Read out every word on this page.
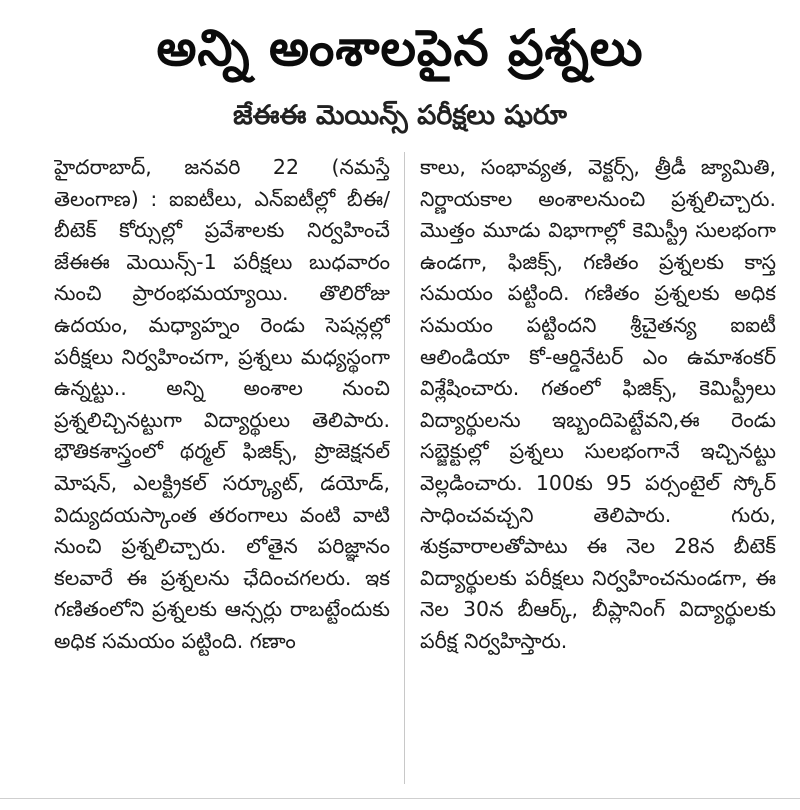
అన్ని అంశాలపైన ప్రశ్నలు
జేఈఈ మెయిన్స్ పరీక్షలు షురూ

హైదరాబాద్, జనవరి 22 (నమస్తే తెలంగాణ) : ఐఐటీలు, ఎన్ఐటీల్లో బీఈ/బీటెక్ కోర్సుల్లో ప్రవేశాలకు నిర్వహించే జేఈఈ మెయిన్స్-1 పరీక్షలు బుధవారం నుంచి ప్రారంభమయ్యాయి. తొలిరోజు ఉదయం, మధ్యాహ్నం రెండు సెషన్లల్లో పరీక్షలు నిర్వహించగా, ప్రశ్నలు మధ్యస్థంగా ఉన్నట్టు.. అన్ని అంశాల నుంచి ప్రశ్నలిచ్చినట్టుగా విద్యార్థులు తెలిపారు. భౌతికశాస్త్రంలో థర్మల్ ఫిజిక్స్, ప్రొజెక్షనల్ మోషన్, ఎలక్ట్రికల్ సర్క్యూట్, డయోడ్, విద్యుదయస్కాంత తరంగాలు వంటి వాటి నుంచి ప్రశ్నలిచ్చారు. లోతైన పరిజ్ఞానం కలవారే ఈ ప్రశ్నలను ఛేదించగలరు. ఇక గణితంలోని ప్రశ్నలకు ఆన్సర్లు రాబట్టేందుకు అధిక సమయం పట్టింది. గణాం

కాలు, సంభావ్యత, వెక్టర్స్, త్రీడీ జ్యామితి, నిర్ణాయకాల అంశాలనుంచి ప్రశ్నలిచ్చారు. మొత్తం మూడు విభాగాల్లో కెమిస్ట్రీ సులభంగా ఉండగా, ఫిజిక్స్, గణితం ప్రశ్నలకు కాస్త సమయం పట్టింది. గణితం ప్రశ్నలకు అధిక సమయం పట్టిందని శ్రీచైతన్య ఐఐటీ ఆలిండియా కో-ఆర్డినేటర్ ఎం ఉమాశంకర్ విశ్లేషించారు. గతంలో ఫిజిక్స్, కెమిస్ట్రీలు విద్యార్థులను ఇబ్బందిపెట్టేవని,ఈ రెండు సబ్జెక్టుల్లో ప్రశ్నలు సులభంగానే ఇచ్చినట్టు వెల్లడించారు. 100కు 95 పర్సంటైల్ స్కోర్ సాధించవచ్చని తెలిపారు. గురు, శుక్రవారాలతోపాటు ఈ నెల 28న బీటెక్ విద్యార్థులకు పరీక్షలు నిర్వహించనుండగా, ఈ నెల 30న బీఆర్క్, బీప్లానింగ్ విద్యార్థులకు పరీక్ష నిర్వహిస్తారు.
